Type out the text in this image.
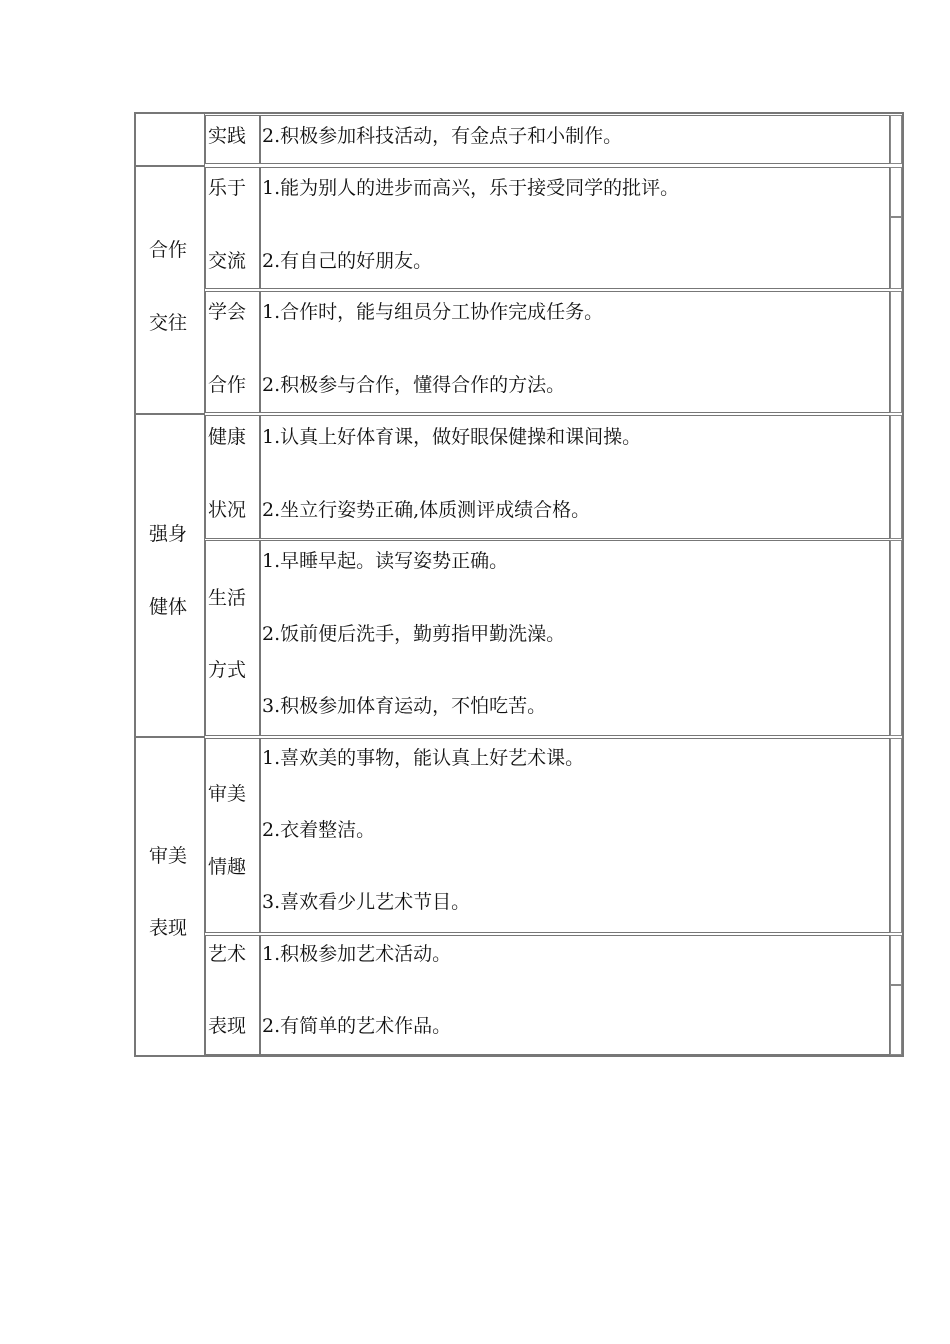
实践 2.积极参加科技活动，有金点子和小制作。
合作
交往
乐于
交流
1.能为别人的进步而高兴，乐于接受同学的批评。
2.有自己的好朋友。
学会
合作
1.合作时，能与组员分工协作完成任务。
2.积极参与合作，懂得合作的方法。
强身
健体
健康
状况
1.认真上好体育课，做好眼保健操和课间操。
2.坐立行姿势正确,体质测评成绩合格。
生活
方式
1.早睡早起。读写姿势正确。
2.饭前便后洗手，勤剪指甲勤洗澡。
3.积极参加体育运动，不怕吃苦。
审美
表现
审美
情趣
1.喜欢美的事物，能认真上好艺术课。
2.衣着整洁。
3.喜欢看少儿艺术节目。
艺术
表现
1.积极参加艺术活动。
2.有简单的艺术作品。
